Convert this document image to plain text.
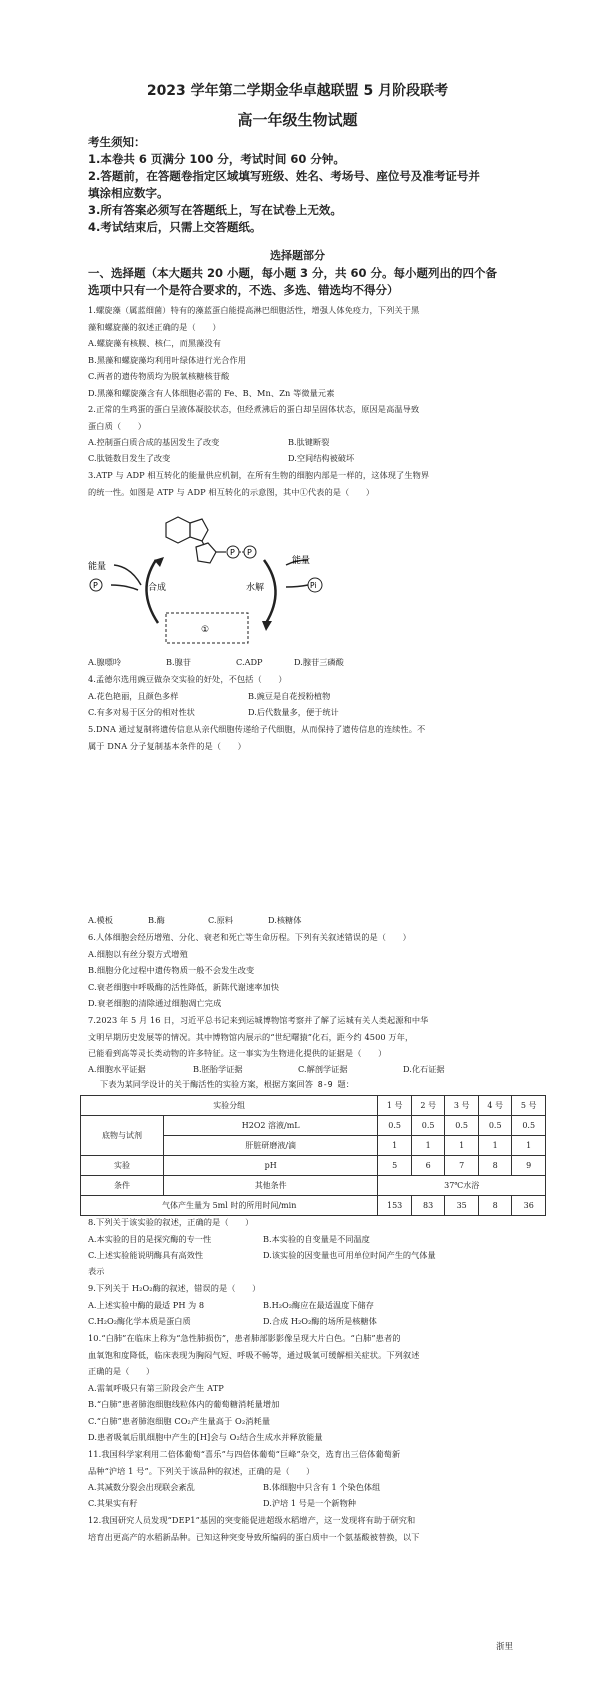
2023 学年第二学期金华卓越联盟 5 月阶段联考
高一年级生物试题
考生须知：
1.本卷共 6 页满分 100 分，考试时间 60 分钟。
2.答题前，在答题卷指定区域填写班级、姓名、考场号、座位号及准考证号并
填涂相应数字。
3.所有答案必须写在答题纸上，写在试卷上无效。
4.考试结束后，只需上交答题纸。
选择题部分
一、选择题（本大题共 20 小题，每小题 3 分，共 60 分。每小题列出的四个备
选项中只有一个是符合要求的，不选、多选、错选均不得分）
1.螺旋藻（属蓝细菌）特有的藻蓝蛋白能提高淋巴细胞活性，增强人体免疫力，下列关于黑
藻和螺旋藻的叙述正确的是（　　）
A.螺旋藻有核膜、核仁，而黑藻没有
B.黑藻和螺旋藻均利用叶绿体进行光合作用
C.两者的遗传物质均为脱氧核糖核苷酸
D.黑藻和螺旋藻含有人体细胞必需的 Fe、B、Mn、Zn 等微量元素
2.正常的生鸡蛋的蛋白呈液体凝胶状态，但经煮沸后的蛋白却呈固体状态，原因是高温导致
蛋白质（　　）
A.控制蛋白质合成的基因发生了改变	B.肽键断裂
C.肽链数目发生了改变	D.空间结构被破坏
3.ATP 与 ADP 相互转化的能量供应机制，在所有生物的细胞内部是一样的，这体现了生物界
的统一性。如图是 ATP 与 ADP 相互转化的示意图，其中①代表的是（　　）
P P
能量
P	合成	水解
能量
Pi
①
A.腺嘌呤	B.腺苷	C.ADP	D.腺苷三磷酸
4.孟德尔选用豌豆做杂交实验的好处，不包括（　　）
A.花色艳丽，且颜色多样	B.豌豆是自花授粉植物
C.有多对易于区分的相对性状	D.后代数量多，便于统计
5.DNA 通过复制将遗传信息从亲代细胞传递给子代细胞，从而保持了遗传信息的连续性。不
属于 DNA 分子复制基本条件的是（　　）
A.模板	B.酶	C.原料	D.核糖体
6.人体细胞会经历增殖、分化、衰老和死亡等生命历程。下列有关叙述错误的是（　　）
A.细胞以有丝分裂方式增殖
B.细胞分化过程中遗传物质一般不会发生改变
C.衰老细胞中呼吸酶的活性降低，新陈代谢速率加快
D.衰老细胞的清除通过细胞凋亡完成
7.2023 年 5 月 16 日，习近平总书记来到运城博物馆考察并了解了运城有关人类起源和中华
文明早期历史发展等的情况。其中博物馆内展示的“世纪曙猿”化石，距今约 4500 万年，
已能看到高等灵长类动物的许多特征。这一事实为生物进化提供的证据是（　　）
A.细胞水平证据	B.胚胎学证据	C.解剖学证据	D.化石证据
下表为某同学设计的关于酶活性的实验方案，根据方案回答 8-9 题：
实验分组		1 号	2 号	3 号	4 号	5 号
底物与试剂	H2O2 溶液/mL	0.5	0.5	0.5	0.5	0.5
	肝脏研磨液/滴	1	1	1	1	1
实验	pH	5	6	7	8	9
条件	其他条件	37℃水浴				
气体产生量为 5ml 时的所用时间/min		153	83	35	8	36
8.下列关于该实验的叙述，正确的是（　　）
A.本实验的目的是探究酶的专一性	B.本实验的自变量是不同温度
C.上述实验能说明酶具有高效性	D.该实验的因变量也可用单位时间产生的气体量
表示
9.下列关于 H₂O₂酶的叙述，错误的是（　　）
A.上述实验中酶的最适 PH 为 8	B.H₂O₂酶应在最适温度下储存
C.H₂O₂酶化学本质是蛋白质	D.合成 H₂O₂酶的场所是核糖体
10.“白肺”在临床上称为“急性肺损伤”，患者肺部影影像呈现大片白色。“白肺”患者的
血氧饱和度降低，临床表现为胸闷气短、呼吸不畅等，通过吸氧可缓解相关症状。下列叙述
正确的是（　　）
A.需氧呼吸只有第三阶段会产生 ATP
B.“白肺”患者肺泡细胞线粒体内的葡萄糖消耗量增加
C.“白肺”患者肺泡细胞 CO₂产生量高于 O₂消耗量
D.患者吸氧后肌细胞中产生的[H]会与 O₂结合生成水并释放能量
11.我国科学家利用二倍体葡萄“喜乐”与四倍体葡萄“巨峰”杂交，选育出三倍体葡萄新
品种“沪培 1 号”。下列关于该品种的叙述，正确的是（　　）
A.其减数分裂会出现联会紊乱	B.体细胞中只含有 1 个染色体组
C.其果实有籽	D.沪培 1 号是一个新物种
12.我国研究人员发现“DEP1”基因的突变能促进超级水稻增产，这一发现将有助于研究和
培育出更高产的水稻新品种。已知这种突变导致所编码的蛋白质中一个氨基酸被替换，以下
浙里
